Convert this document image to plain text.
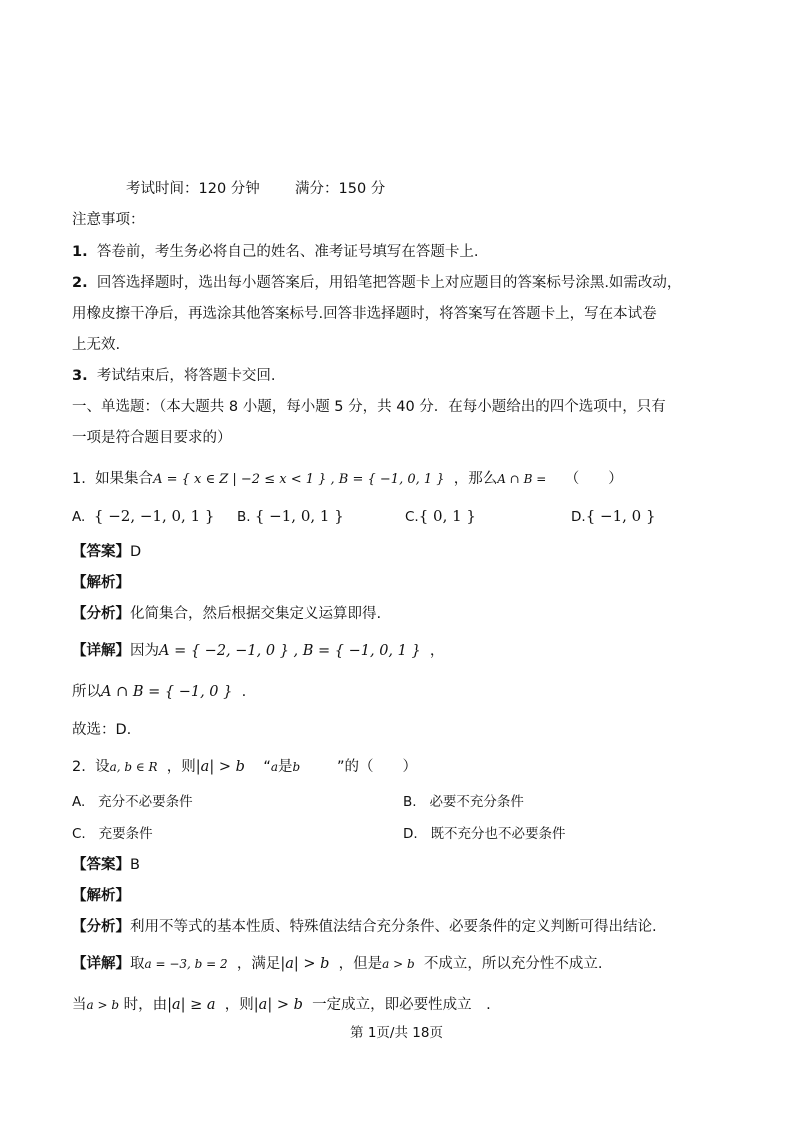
考试时间：120 分钟 满分：150 分
注意事项：
1. 答卷前，考生务必将自己的姓名、准考证号填写在答题卡上.
2. 回答选择题时，选出每小题答案后，用铅笔把答题卡上对应题目的答案标号涂黑.如需改动，
用橡皮擦干净后，再选涂其他答案标号.回答非选择题时，将答案写在答题卡上，写在本试卷
上无效.
3. 考试结束后，将答题卡交回.
一、单选题：（本大题共 8 小题，每小题 5 分，共 40 分．在每小题给出的四个选项中，只有
一项是符合题目要求的）
1. 如果集合A = { x ∈ Z | −2 ≤ x < 1 } , B = { −1, 0, 1 } ，那么A ∩ B = （　　）
A. { −2, −1, 0, 1 } B. { −1, 0, 1 }	C.{ 0, 1 }	D.{ −1, 0 }
【答案】D
【解析】
【分析】化简集合，然后根据交集定义运算即得.
【详解】因为A = { −2, −1, 0 } , B = { −1, 0, 1 } ，
所以A ∩ B = { −1, 0 } .
故选：D.
2. 设a, b ∈ R ，则|a| > b “a是b	”的（　　）
A. 充分不必要条件	B. 必要不充分条件
C. 充要条件	D. 既不充分也不必要条件
【答案】B
【解析】
【分析】利用不等式的基本性质、特殊值法结合充分条件、必要条件的定义判断可得出结论.
【详解】取a = −3, b = 2 ，满足|a| > b ，但是a > b 不成立，所以充分性不成立.
当a > b 时，由|a| ≥ a ，则|a| > b 一定成立，即必要性成立　.
第 1页/共 18页
